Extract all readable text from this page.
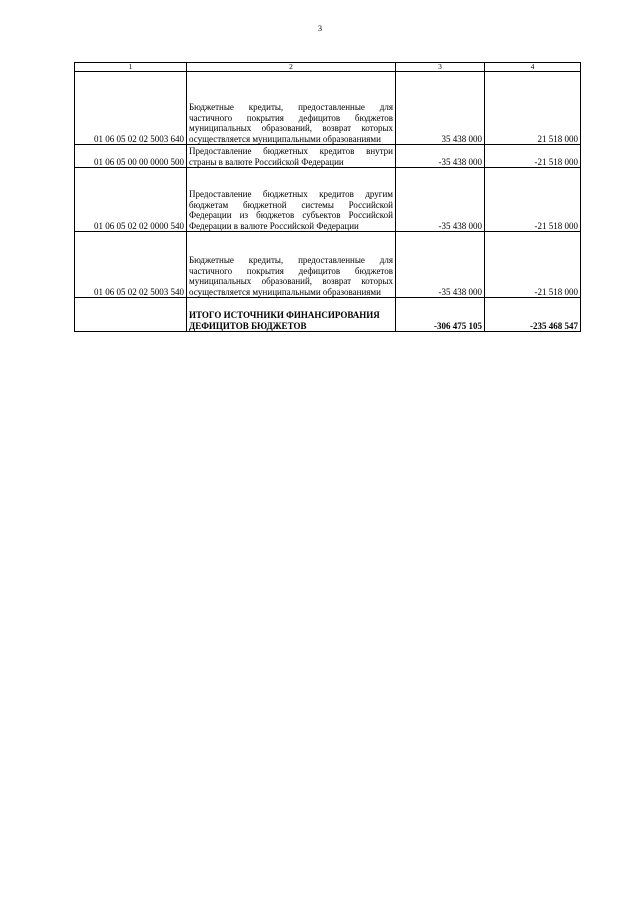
3
1	2	3	4
01 06 05 02 02 5003 640	Бюджетные кредиты, предоставленные для частичного покрытия дефицитов бюджетов муниципальных образований, возврат которых осуществляется муниципальными образованиями	35 438 000	21 518 000
01 06 05 00 00 0000 500	Предоставление бюджетных кредитов внутри страны в валюте Российской Федерации	-35 438 000	-21 518 000
01 06 05 02 02 0000 540	Предоставление бюджетных кредитов другим бюджетам бюджетной системы Российской Федерации из бюджетов субъектов Российской Федерации в валюте Российской Федерации	-35 438 000	-21 518 000
01 06 05 02 02 5003 540	Бюджетные кредиты, предоставленные для частичного покрытия дефицитов бюджетов муниципальных образований, возврат которых осуществляется муниципальными образованиями	-35 438 000	-21 518 000
	ИТОГО ИСТОЧНИКИ ФИНАНСИРОВАНИЯ ДЕФИЦИТОВ БЮДЖЕТОВ	-306 475 105	-235 468 547
